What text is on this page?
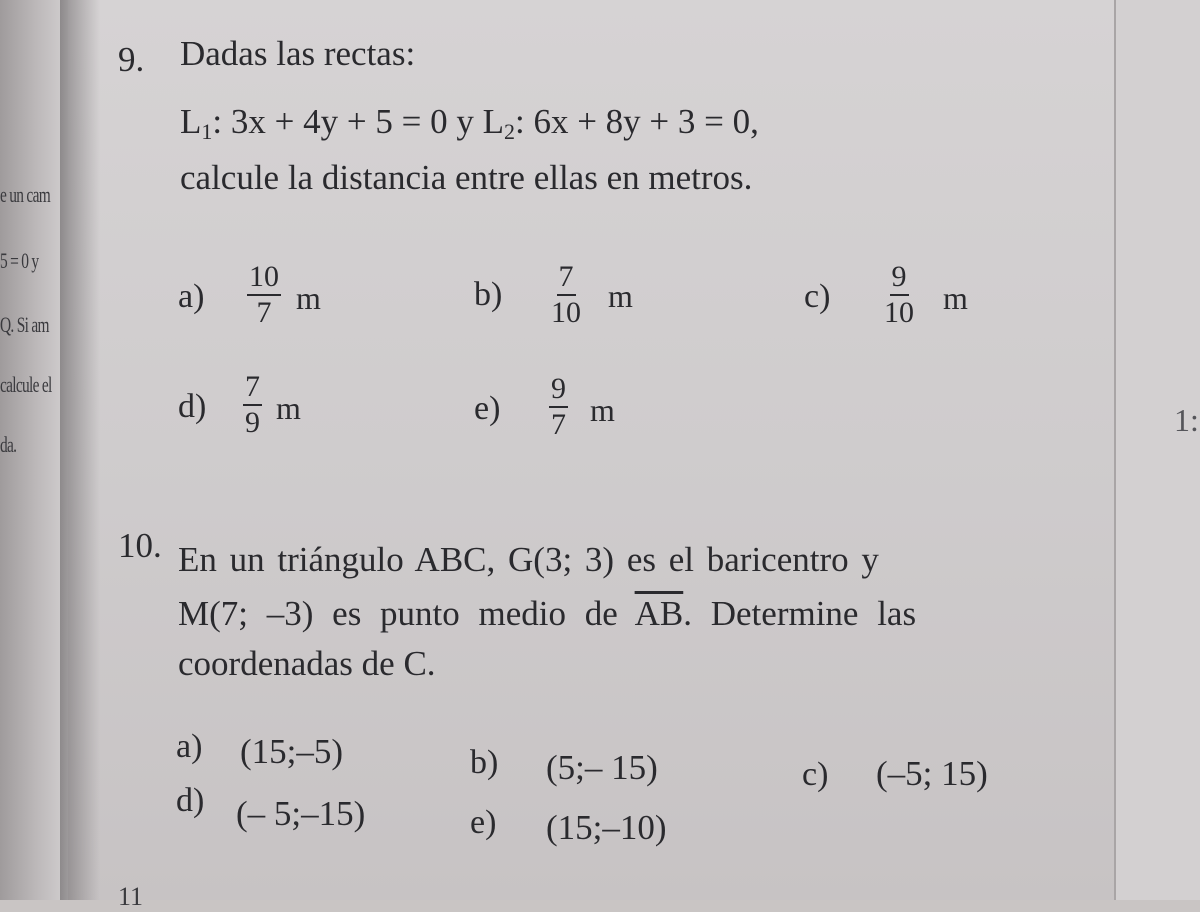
e un cam
5 = 0 y
Q. Si am
calcule el
da.
1:
9. Dadas las rectas:
$L_1$: 3x + 4y + 5 = 0 y $L_2$: 6x + 8y + 3 = 0,
calcule la distancia entre ellas en metros.
$a) \frac{10}{7}$ m	$b) \frac{7}{10}$ m	$c) \frac{9}{10}$ m
$d) \frac{7}{9}$ m	$e) \frac{9}{7}$ m
10. En un triángulo ABC, G(3; 3) es el baricentro y
M(7; –3) es punto medio de $\overline{AB}$. Determine las
coordenadas de C.
a) (15;–5)	b) (5;– 15)	c) (–5; 15)
d) (– 5;–15)	e) (15;–10)
11
